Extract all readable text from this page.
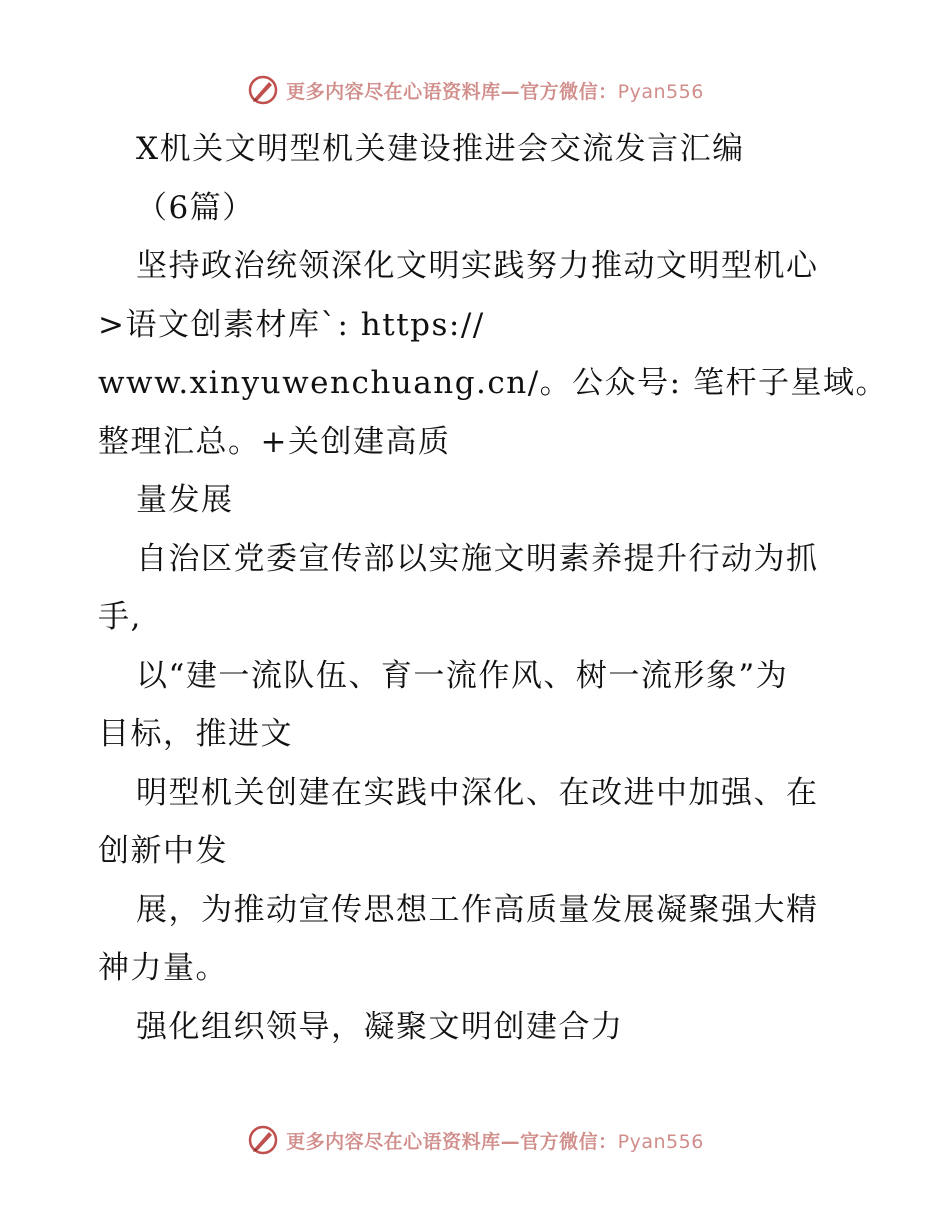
更多内容尽在心语资料库—官方微信：Pyan556
X机关文明型机关建设推进会交流发言汇编
（6篇）
坚持政治统领深化文明实践努力推动文明型机心
>语文创素材库`: https://
www.xinyuwenchuang.cn/。公众号: 笔杆子星域。
整理汇总。+关创建高质
量发展
自治区党委宣传部以实施文明素养提升行动为抓
手,
以“建一流队伍、育一流作风、树一流形象”为
目标，推进文
明型机关创建在实践中深化、在改进中加强、在
创新中发
展，为推动宣传思想工作高质量发展凝聚强大精
神力量。
强化组织领导，凝聚文明创建合力
更多内容尽在心语资料库—官方微信：Pyan556
